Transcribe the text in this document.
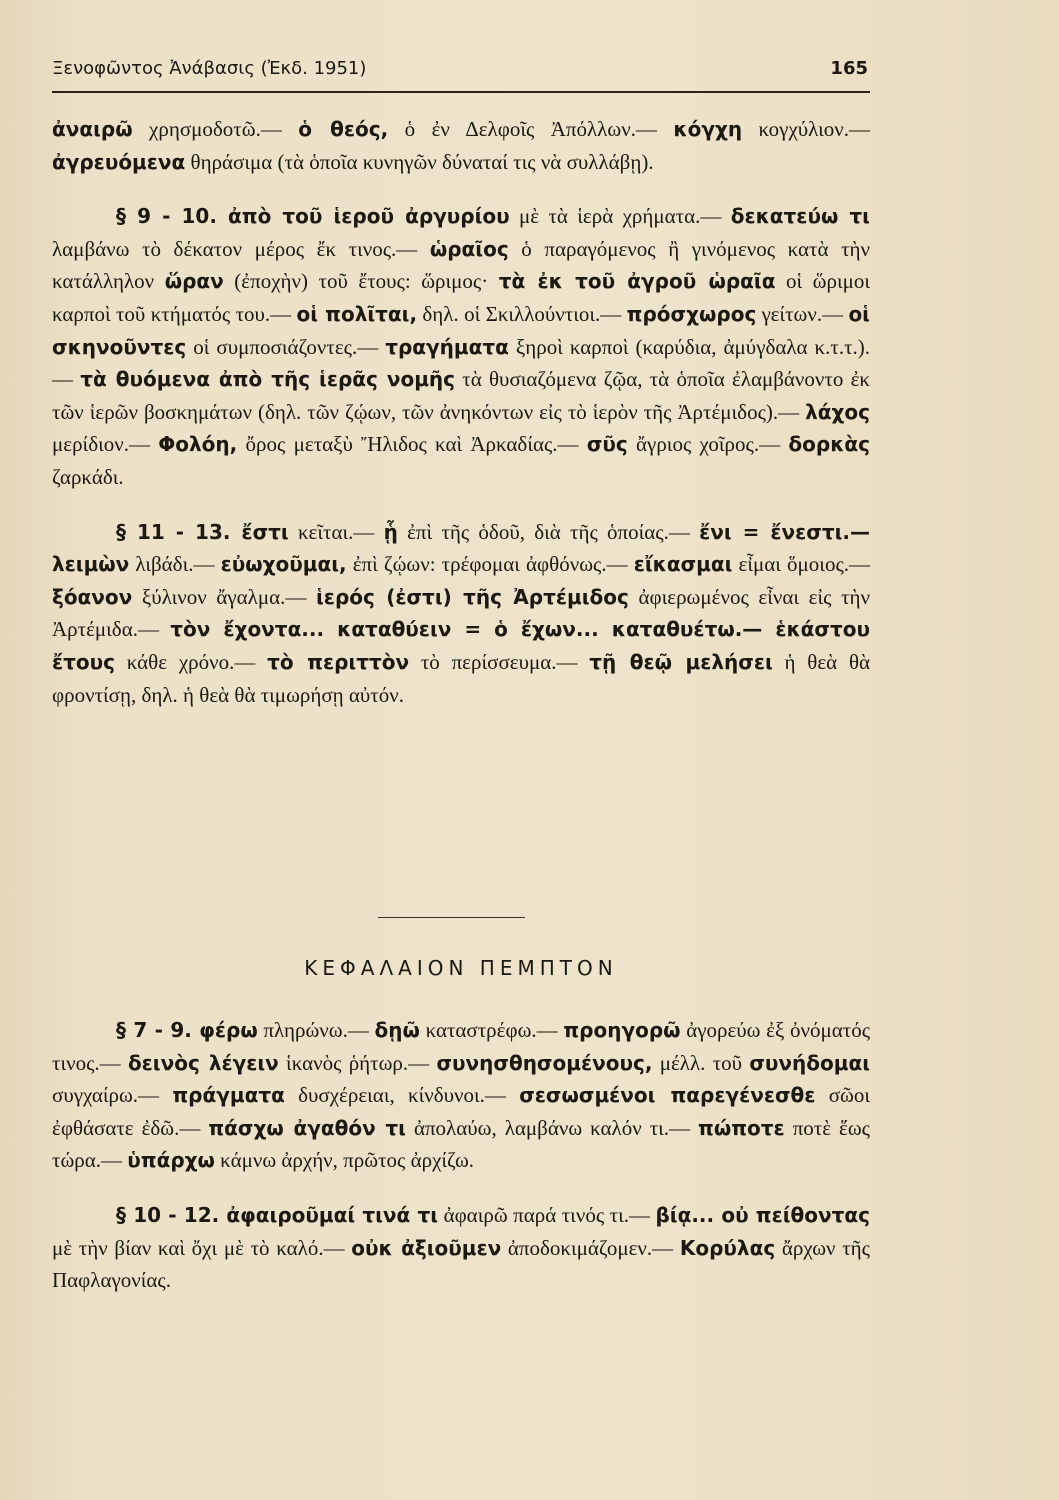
Ξενοφῶντος Ἀνάβασις (Ἐκδ. 1951)	165

ἀναιρῶ χρησμοδοτῶ.— ὁ θεός, ὁ ἐν Δελφοῖς Ἀπόλλων.— κόγχη κογχύλιον.— ἀγρευόμενα θηράσιμα (τὰ ὁποῖα κυνηγῶν δύναταί τις νὰ συλλάβῃ).

§ 9 - 10. ἀπὸ τοῦ ἱεροῦ ἀργυρίου μὲ τὰ ἱερὰ χρήματα.— δεκατεύω τι λαμβάνω τὸ δέκατον μέρος ἔκ τινος.— ὡραῖος ὁ παραγόμενος ἢ γινόμενος κατὰ τὴν κατάλληλον ὥραν (ἐποχὴν) τοῦ ἔτους: ὥριμος· τὰ ἐκ τοῦ ἀγροῦ ὡραῖα οἱ ὥριμοι καρποὶ τοῦ κτήματός του.— οἱ πολῖται, δηλ. οἱ Σκιλλούντιοι.— πρόσχωρος γείτων.— οἱ σκηνοῦντες οἱ συμποσιάζοντες.— τραγήματα ξηροὶ καρποὶ (καρύδια, ἀμύγδαλα κ.τ.τ.).— τὰ θυόμενα ἀπὸ τῆς ἱερᾶς νομῆς τὰ θυσιαζόμενα ζῷα, τὰ ὁποῖα ἐλαμβάνοντο ἐκ τῶν ἱερῶν βοσκημάτων (δηλ. τῶν ζῴων, τῶν ἀνηκόντων εἰς τὸ ἱερὸν τῆς Ἀρτέμιδος).— λάχος μερίδιον.— Φολόη, ὄρος μεταξὺ Ἤλιδος καὶ Ἀρκαδίας.— σῦς ἄγριος χοῖρος.— δορκὰς ζαρκάδι.

§ 11 - 13. ἔστι κεῖται.— ᾗ ἐπὶ τῆς ὁδοῦ, διὰ τῆς ὁποίας.— ἔνι = ἔνεστι.— λειμὼν λιβάδι.— εὐωχοῦμαι, ἐπὶ ζῴων: τρέφομαι ἀφθόνως.— εἴκασμαι εἶμαι ὅμοιος.— ξόανον ξύλινον ἄγαλμα.— ἱερός (ἐστι) τῆς Ἀρτέμιδος ἀφιερωμένος εἶναι εἰς τὴν Ἀρτέμιδα.— τὸν ἔχοντα... καταθύειν = ὁ ἔχων... καταθυέτω.— ἑκάστου ἔτους κάθε χρόνο.— τὸ περιττὸν τὸ περίσσευμα.— τῇ θεῷ μελήσει ἡ θεὰ θὰ φροντίσῃ, δηλ. ἡ θεὰ θὰ τιμωρήσῃ αὐτόν.

ΚΕΦΑΛΑΙΟΝ ΠΕΜΠΤΟΝ

§ 7 - 9. φέρω πληρώνω.— δῃῶ καταστρέφω.— προηγορῶ ἀγορεύω ἐξ ὀνόματός τινος.— δεινὸς λέγειν ἱκανὸς ῥήτωρ.— συνησθησομένους, μέλλ. τοῦ συνήδομαι συγχαίρω.— πράγματα δυσχέρειαι, κίνδυνοι.— σεσωσμένοι παρεγένεσθε σῶοι ἐφθάσατε ἐδῶ.— πάσχω ἀγαθόν τι ἀπολαύω, λαμβάνω καλόν τι.— πώποτε ποτὲ ἕως τώρα.— ὑπάρχω κάμνω ἀρχήν, πρῶτος ἀρχίζω.

§ 10 - 12. ἀφαιροῦμαί τινά τι ἀφαιρῶ παρά τινός τι.— βίᾳ... οὐ πείθοντας μὲ τὴν βίαν καὶ ὄχι μὲ τὸ καλό.— οὐκ ἀξιοῦμεν ἀποδοκιμάζομεν.— Κορύλας ἄρχων τῆς Παφλαγονίας.
